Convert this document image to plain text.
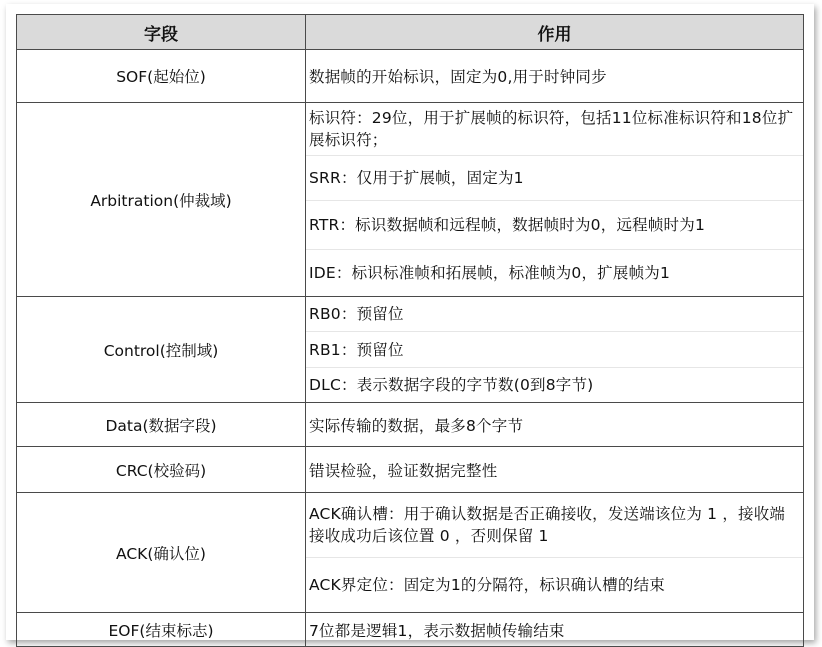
字段	作用
SOF(起始位)	数据帧的开始标识，固定为0,用于时钟同步

Arbitration(仲裁域)	标识符：29位，用于扩展帧的标识符，包括11位标准标识符和18位扩展标识符；
SRR：仅用于扩展帧，固定为1
RTR：标识数据帧和远程帧，数据帧时为0，远程帧时为1
IDE：标识标准帧和拓展帧，标准帧为0，扩展帧为1

Control(控制域)	RB0：预留位
RB1：预留位
DLC：表示数据字段的字节数(0到8字节)

Data(数据字段)	实际传输的数据，最多8个字节

CRC(校验码)	错误检验，验证数据完整性

ACK(确认位)	ACK确认槽：用于确认数据是否正确接收，发送端该位为 1 ，接收端接收成功后该位置 0 ，否则保留 1
ACK界定位：固定为1的分隔符，标识确认槽的结束

EOF(结束标志)	7位都是逻辑1，表示数据帧传输结束
